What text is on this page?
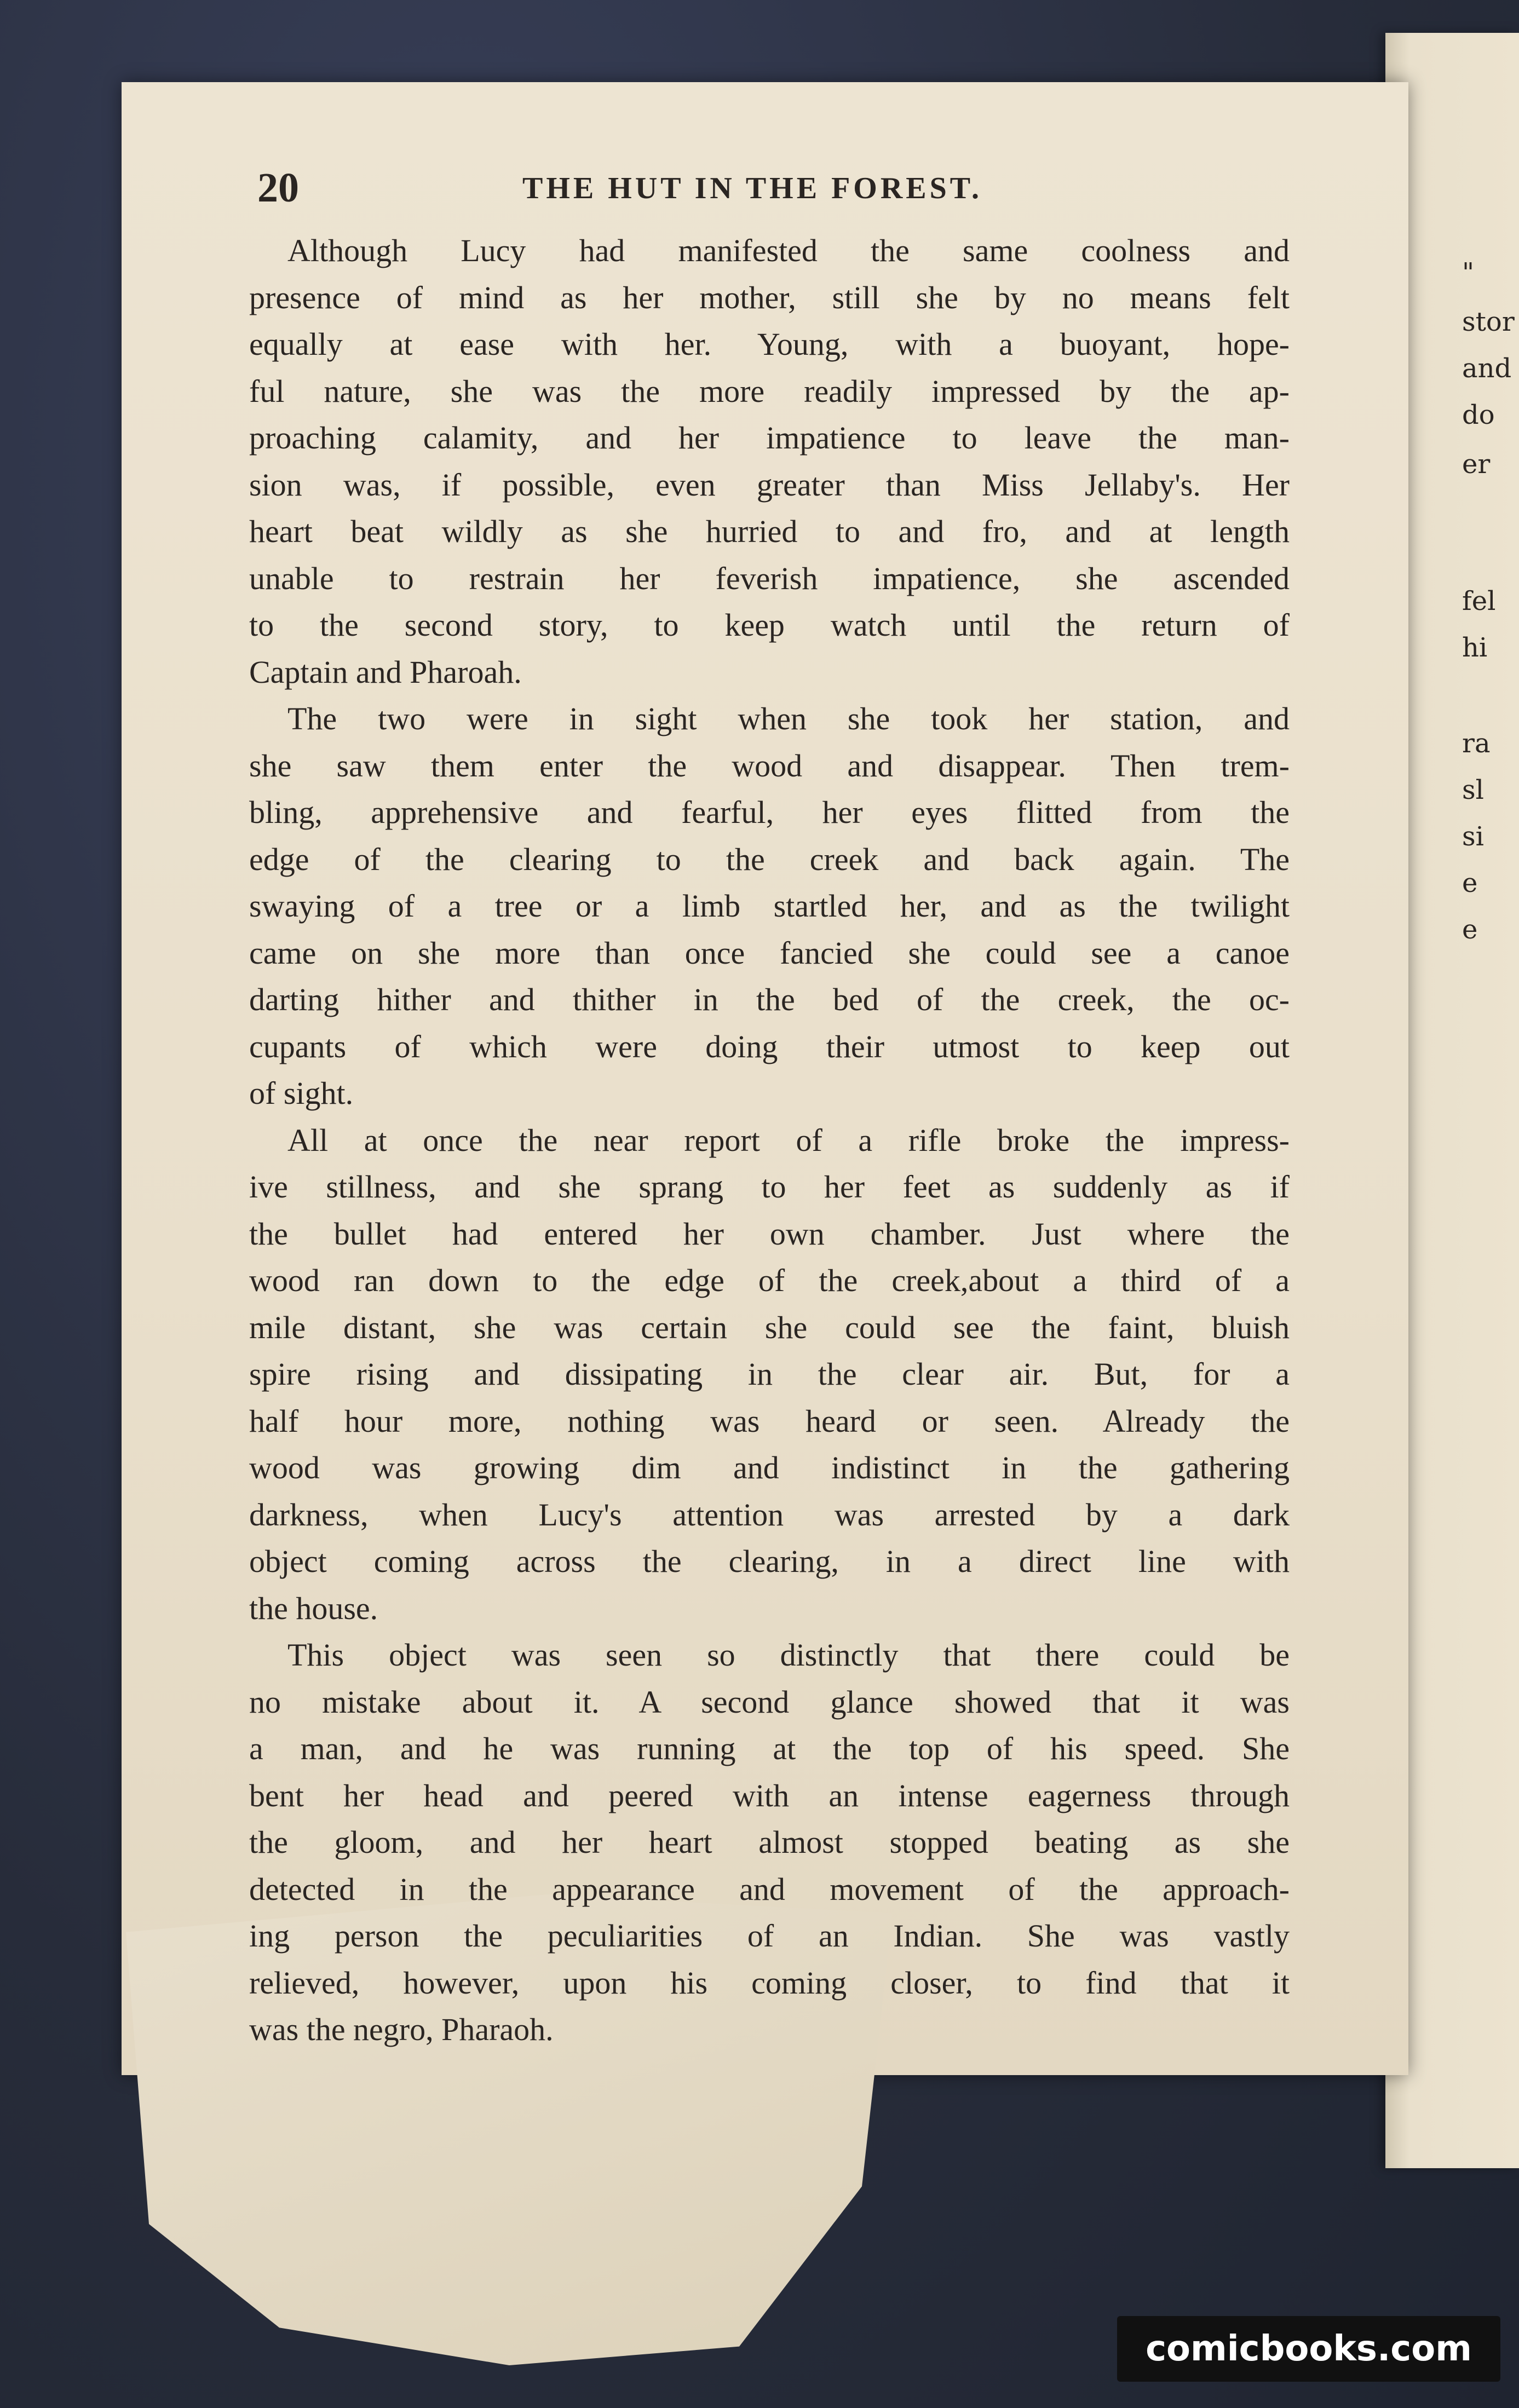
"
stor
and
do
er
fel
hi
ra
sl
si
e
e
20	THE HUT IN THE FOREST.
Although Lucy had manifested the same coolness and
presence of mind as her mother, still she by no means felt
equally at ease with her. Young, with a buoyant, hope-
ful nature, she was the more readily impressed by the ap-
proaching calamity, and her impatience to leave the man-
sion was, if possible, even greater than Miss Jellaby's. Her
heart beat wildly as she hurried to and fro, and at length
unable to restrain her feverish impatience, she ascended
to the second story, to keep watch until the return of
Captain and Pharoah.
The two were in sight when she took her station, and
she saw them enter the wood and disappear. Then trem-
bling, apprehensive and fearful, her eyes flitted from the
edge of the clearing to the creek and back again. The
swaying of a tree or a limb startled her, and as the twilight
came on she more than once fancied she could see a canoe
darting hither and thither in the bed of the creek, the oc-
cupants of which were doing their utmost to keep out
of sight.
All at once the near report of a rifle broke the impress-
ive stillness, and she sprang to her feet as suddenly as if
the bullet had entered her own chamber. Just where the
wood ran down to the edge of the creek,about a third of a
mile distant, she was certain she could see the faint, bluish
spire rising and dissipating in the clear air. But, for a
half hour more, nothing was heard or seen. Already the
wood was growing dim and indistinct in the gathering
darkness, when Lucy's attention was arrested by a dark
object coming across the clearing, in a direct line with
the house.
This object was seen so distinctly that there could be
no mistake about it. A second glance showed that it was
a man, and he was running at the top of his speed. She
bent her head and peered with an intense eagerness through
the gloom, and her heart almost stopped beating as she
detected in the appearance and movement of the approach-
ing person the peculiarities of an Indian. She was vastly
relieved, however, upon his coming closer, to find that it
was the negro, Pharaoh.
comicbooks.com
